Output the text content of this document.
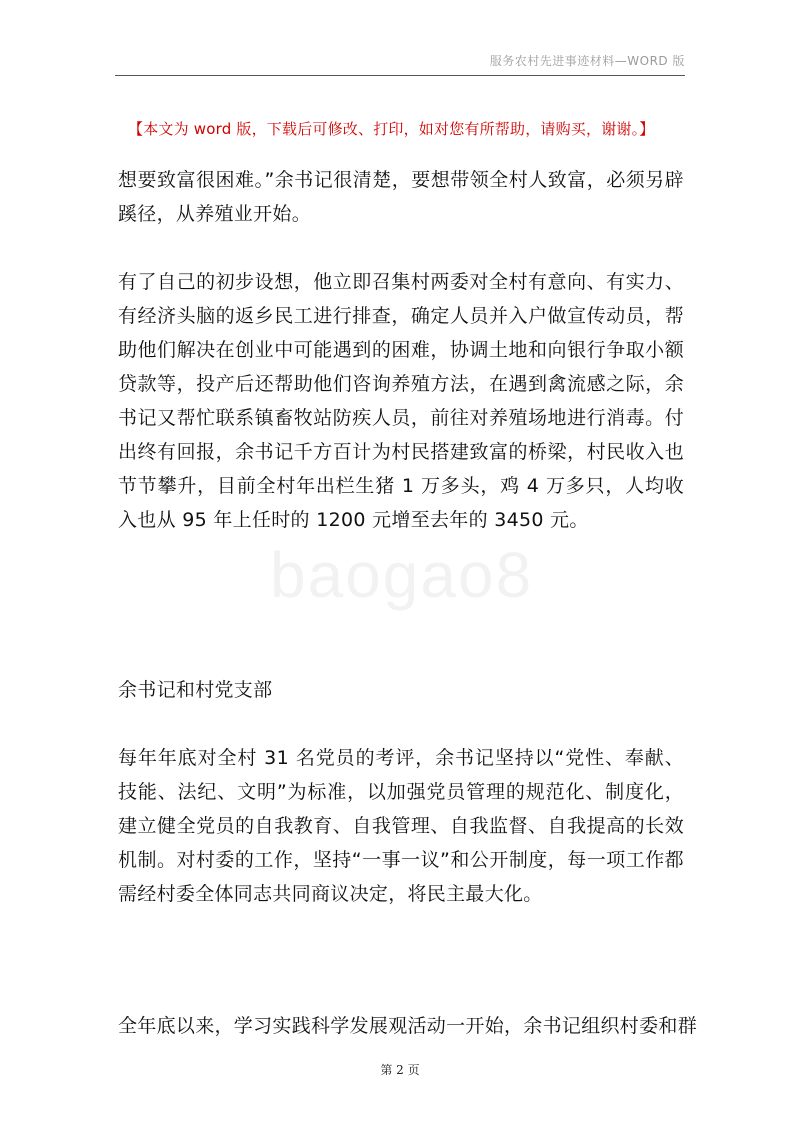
服务农村先进事迹材料—WORD 版
【本文为 word 版，下载后可修改、打印，如对您有所帮助，请购买，谢谢。】
baogao8
想要致富很困难。”余书记很清楚，要想带领全村人致富，必须另辟蹊径，从养殖业开始。
有了自己的初步设想，他立即召集村两委对全村有意向、有实力、有经济头脑的返乡民工进行排查，确定人员并入户做宣传动员，帮助他们解决在创业中可能遇到的困难，协调土地和向银行争取小额贷款等，投产后还帮助他们咨询养殖方法，在遇到禽流感之际，余书记又帮忙联系镇畜牧站防疾人员，前往对养殖场地进行消毒。付出终有回报，余书记千方百计为村民搭建致富的桥梁，村民收入也节节攀升，目前全村年出栏生猪 1 万多头，鸡 4 万多只，人均收入也从 95 年上任时的 1200 元增至去年的 3450 元。
余书记和村党支部
每年年底对全村 31 名党员的考评，余书记坚持以“党性、奉献、技能、法纪、文明”为标准，以加强党员管理的规范化、制度化，建立健全党员的自我教育、自我管理、自我监督、自我提高的长效机制。对村委的工作，坚持“一事一议”和公开制度，每一项工作都需经村委全体同志共同商议决定，将民主最大化。
全年底以来，学习实践科学发展观活动一开始，余书记组织村委和群
第 2 页
